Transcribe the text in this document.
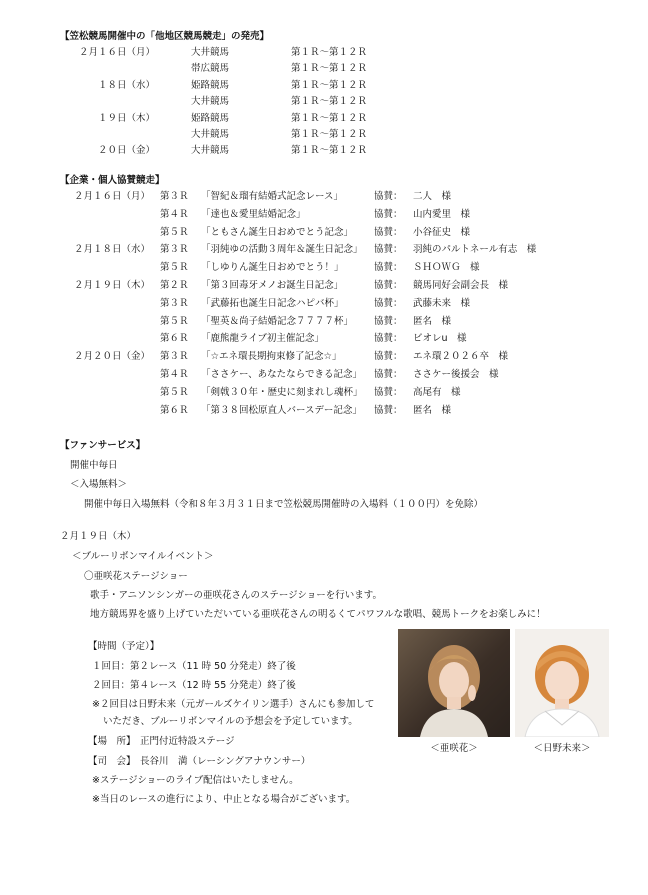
【笠松競馬開催中の「他地区競馬競走」の発売】
２月１６日（月）	大井競馬	第１Ｒ～第１２Ｒ
帯広競馬	第１Ｒ～第１２Ｒ
１８日（水）	姫路競馬	第１Ｒ～第１２Ｒ
大井競馬	第１Ｒ～第１２Ｒ
１９日（木）	姫路競馬	第１Ｒ～第１２Ｒ
大井競馬	第１Ｒ～第１２Ｒ
２０日（金）	大井競馬	第１Ｒ～第１２Ｒ
【企業・個人協賛競走】
２月１６日（月） 第３Ｒ 「智紀＆瑠有結婚式記念レース」	協賛： 二人　様
第４Ｒ 「達也＆愛里結婚記念」	協賛： 山内愛里　様
第５Ｒ 「ともさん誕生日おめでとう記念」 協賛： 小谷征史　様
２月１８日（水） 第３Ｒ 「羽純ゆの活動３周年＆誕生日記念」 協賛： 羽純のパルトネール有志　様
第５Ｒ 「しゆりん誕生日おめでとう！」	協賛： ＳＨＯＷＧ　様
２月１９日（木） 第２Ｒ 「第３回毒牙メノお誕生日記念」	協賛： 競馬同好会副会長　様
第３Ｒ 「武藤拓也誕生日記念ハピバ杯」	協賛： 武藤未来　様
第５Ｒ 「聖英＆尚子結婚記念７７７７杯」 協賛： 匿名　様
第６Ｒ 「鹿熊龍ライブ初主催記念」	協賛： ビオレu　様
２月２０日（金） 第３Ｒ 「☆エネ環長期拘束修了記念☆」	協賛： エネ環２０２６卒　様
第４Ｒ 「ささケー、あなたならできる記念」 協賛： ささケー後援会　様
第５Ｒ 「剣戟３０年・歴史に刻まれし魂杯」 協賛： 高尾有　様
第６Ｒ 「第３８回松原直人バースデー記念」 協賛： 匿名　様
【ファンサービス】
開催中毎日
＜入場無料＞
開催中毎日入場無料（令和８年３月３１日まで笠松競馬開催時の入場料（１００円）を免除）
２月１９日（木）
＜ブルーリボンマイルイベント＞
〇亜咲花ステージショー
歌手・アニソンシンガーの亜咲花さんのステージショーを行います。
地方競馬界を盛り上げていただいている亜咲花さんの明るくてパワフルな歌唱、競馬トークをお楽しみに！
【時間（予定）】
１回目：第２レース（11 時 50 分発走）終了後
２回目：第４レース（12 時 55 分発走）終了後
※２回目は日野未来（元ガールズケイリン選手）さんにも参加して
いただき、ブルーリボンマイルの予想会を予定しています。
【場　所】 正門付近特設ステージ
【司　会】 長谷川　満（レーシングアナウンサー）
※ステージショーのライブ配信はいたしません。
※当日のレースの進行により、中止となる場合がございます。
＜亜咲花＞	＜日野未来＞
